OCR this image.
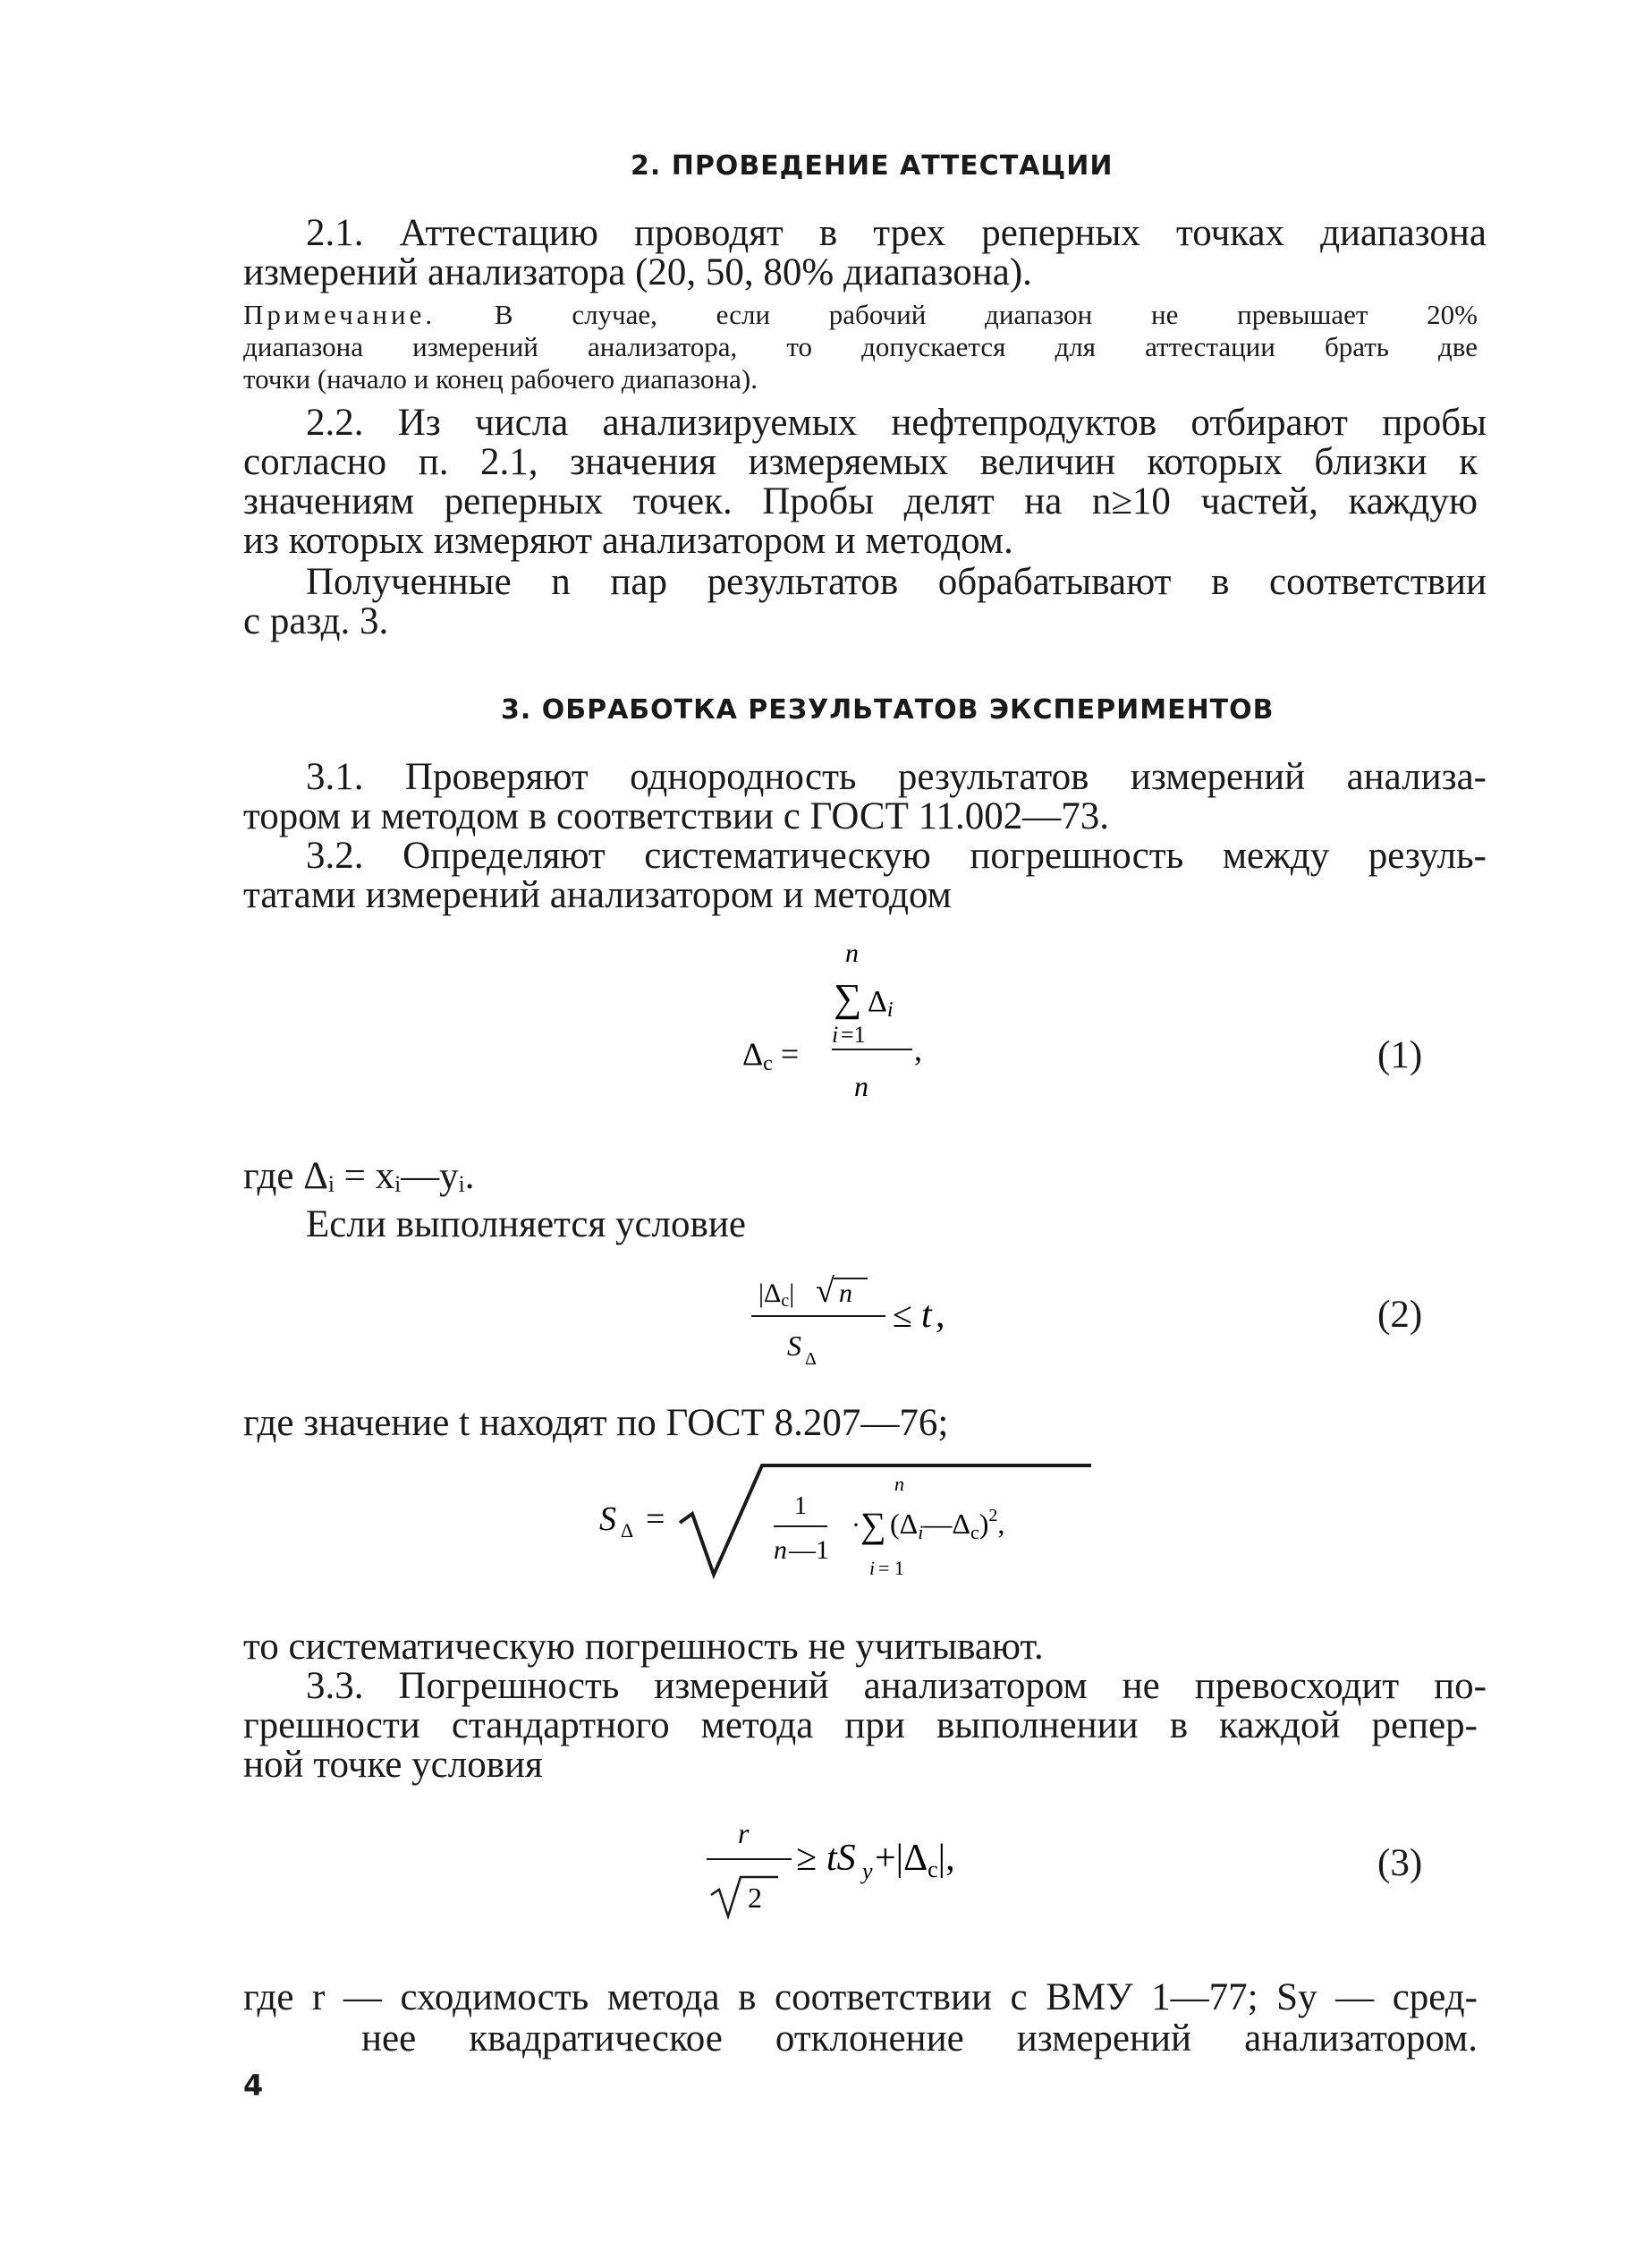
2. ПРОВЕДЕНИЕ АТТЕСТАЦИИ
2.1. Аттестацию проводят в трех реперных точках диапазона
измерений анализатора (20, 50, 80% диапазона).
Примечание. В случае, если рабочий диапазон не превышает 20%
диапазона измерений анализатора, то допускается для аттестации брать две
точки (начало и конец рабочего диапазона).
2.2. Из числа анализируемых нефтепродуктов отбирают пробы
согласно п. 2.1, значения измеряемых величин которых близки к
значениям реперных точек. Пробы делят на n≥10 частей, каждую
из которых измеряют анализатором и методом.
Полученные n пар результатов обрабатывают в соответствии
с разд. 3.
3. ОБРАБОТКА РЕЗУЛЬТАТОВ ЭКСПЕРИМЕНТОВ
3.1. Проверяют однородность результатов измерений анализа-
тором и методом в соответствии с ГОСТ 11.002—73.
3.2. Определяют систематическую погрешность между резуль-
татами измерений анализатором и методом
n
∑ Δi
i =1 ,
Δc =
n
(1)
где Δᵢ = xᵢ—yᵢ.
Если выполняется условие
|Δc| √ n
S Δ
≤ t ,	(2)
где значение t находят по ГОСТ 8.207—76;
S Δ =	1
n —1
·
n
∑ (Δi—Δc)$^2$,
i = 1
то систематическую погрешность не учитывают.
3.3. Погрешность измерений анализатором не превосходит по-
грешности стандартного метода при выполнении в каждой репер-
ной точке условия
r
2
≥ tS y +|Δc|,	(3)
где r — сходимость метода в соответствии с ВМУ 1—77; Sy — сред-
нее квадратическое отклонение измерений анализатором.
4
